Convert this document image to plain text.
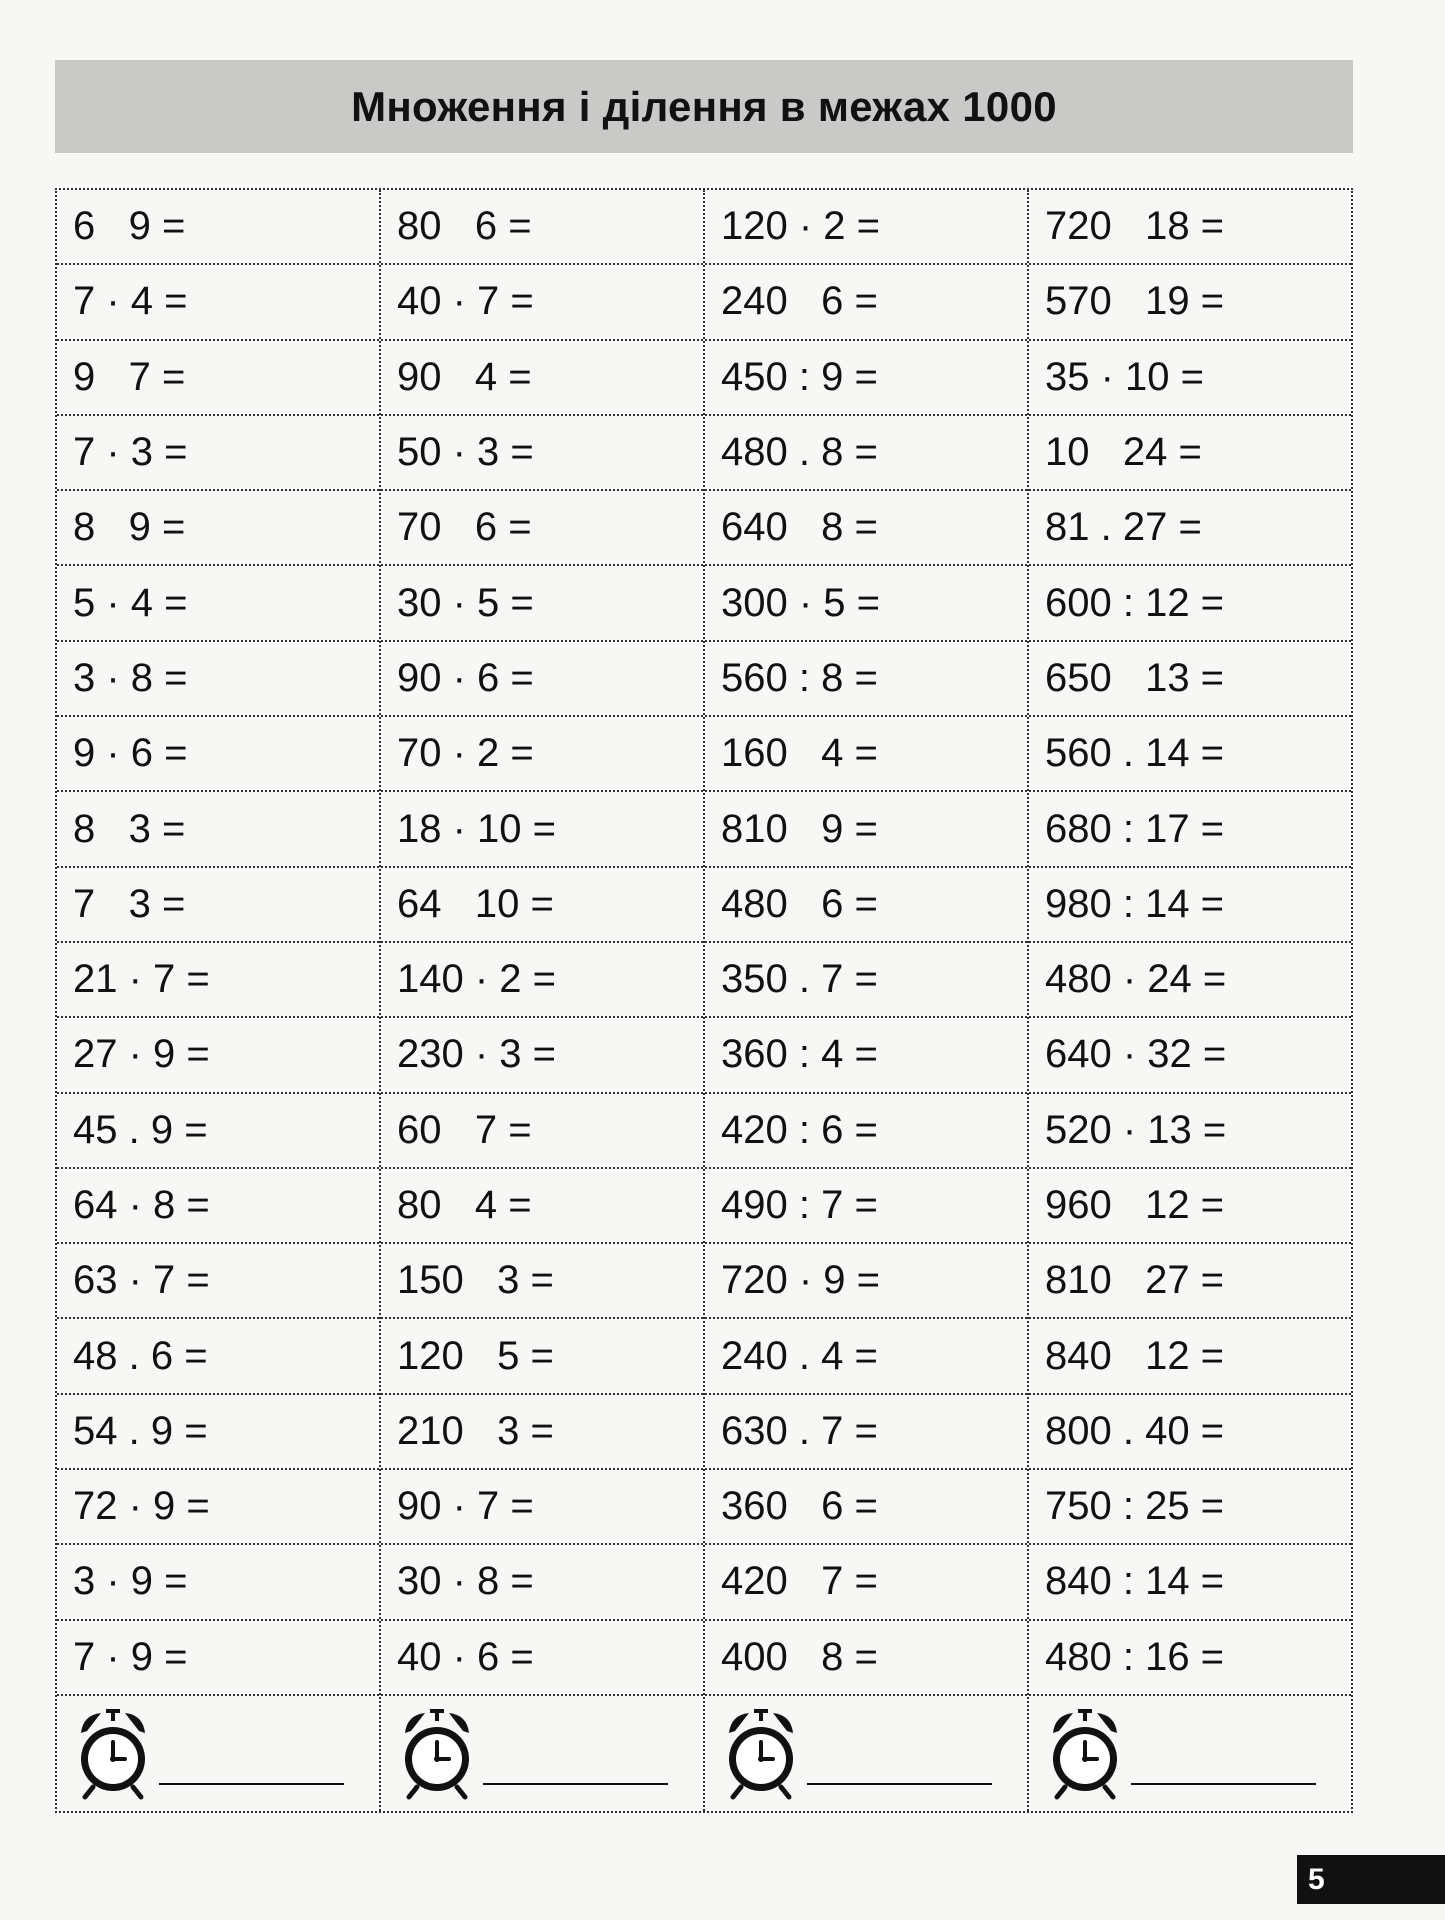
Множення і ділення в межах 1000
6   9 =
7 · 4 =
9   7 =
7 · 3 =
8   9 =
5 · 4 =
3 · 8 =
9 · 6 =
8   3 =
7   3 =
21 · 7 =
27 · 9 =
45 . 9 =
64 · 8 =
63 · 7 =
48 . 6 =
54 . 9 =
72 · 9 =
3 · 9 =
7 · 9 =
80   6 =
40 · 7 =
90   4 =
50 · 3 =
70   6 =
30 · 5 =
90 · 6 =
70 · 2 =
18 · 10 =
64   10 =
140 · 2 =
230 · 3 =
60   7 =
80   4 =
150   3 =
120   5 =
210   3 =
90 · 7 =
30 · 8 =
40 · 6 =
120 · 2 =
240   6 =
450 : 9 =
480 . 8 =
640   8 =
300 · 5 =
560 : 8 =
160   4 =
810   9 =
480   6 =
350 . 7 =
360 : 4 =
420 : 6 =
490 : 7 =
720 · 9 =
240 . 4 =
630 . 7 =
360   6 =
420   7 =
400   8 =
720   18 =
570   19 =
35 · 10 =
10   24 =
81 . 27 =
600 : 12 =
650   13 =
560 . 14 =
680 : 17 =
980 : 14 =
480 · 24 =
640 · 32 =
520 · 13 =
960   12 =
810   27 =
840   12 =
800 . 40 =
750 : 25 =
840 : 14 =
480 : 16 =
5
